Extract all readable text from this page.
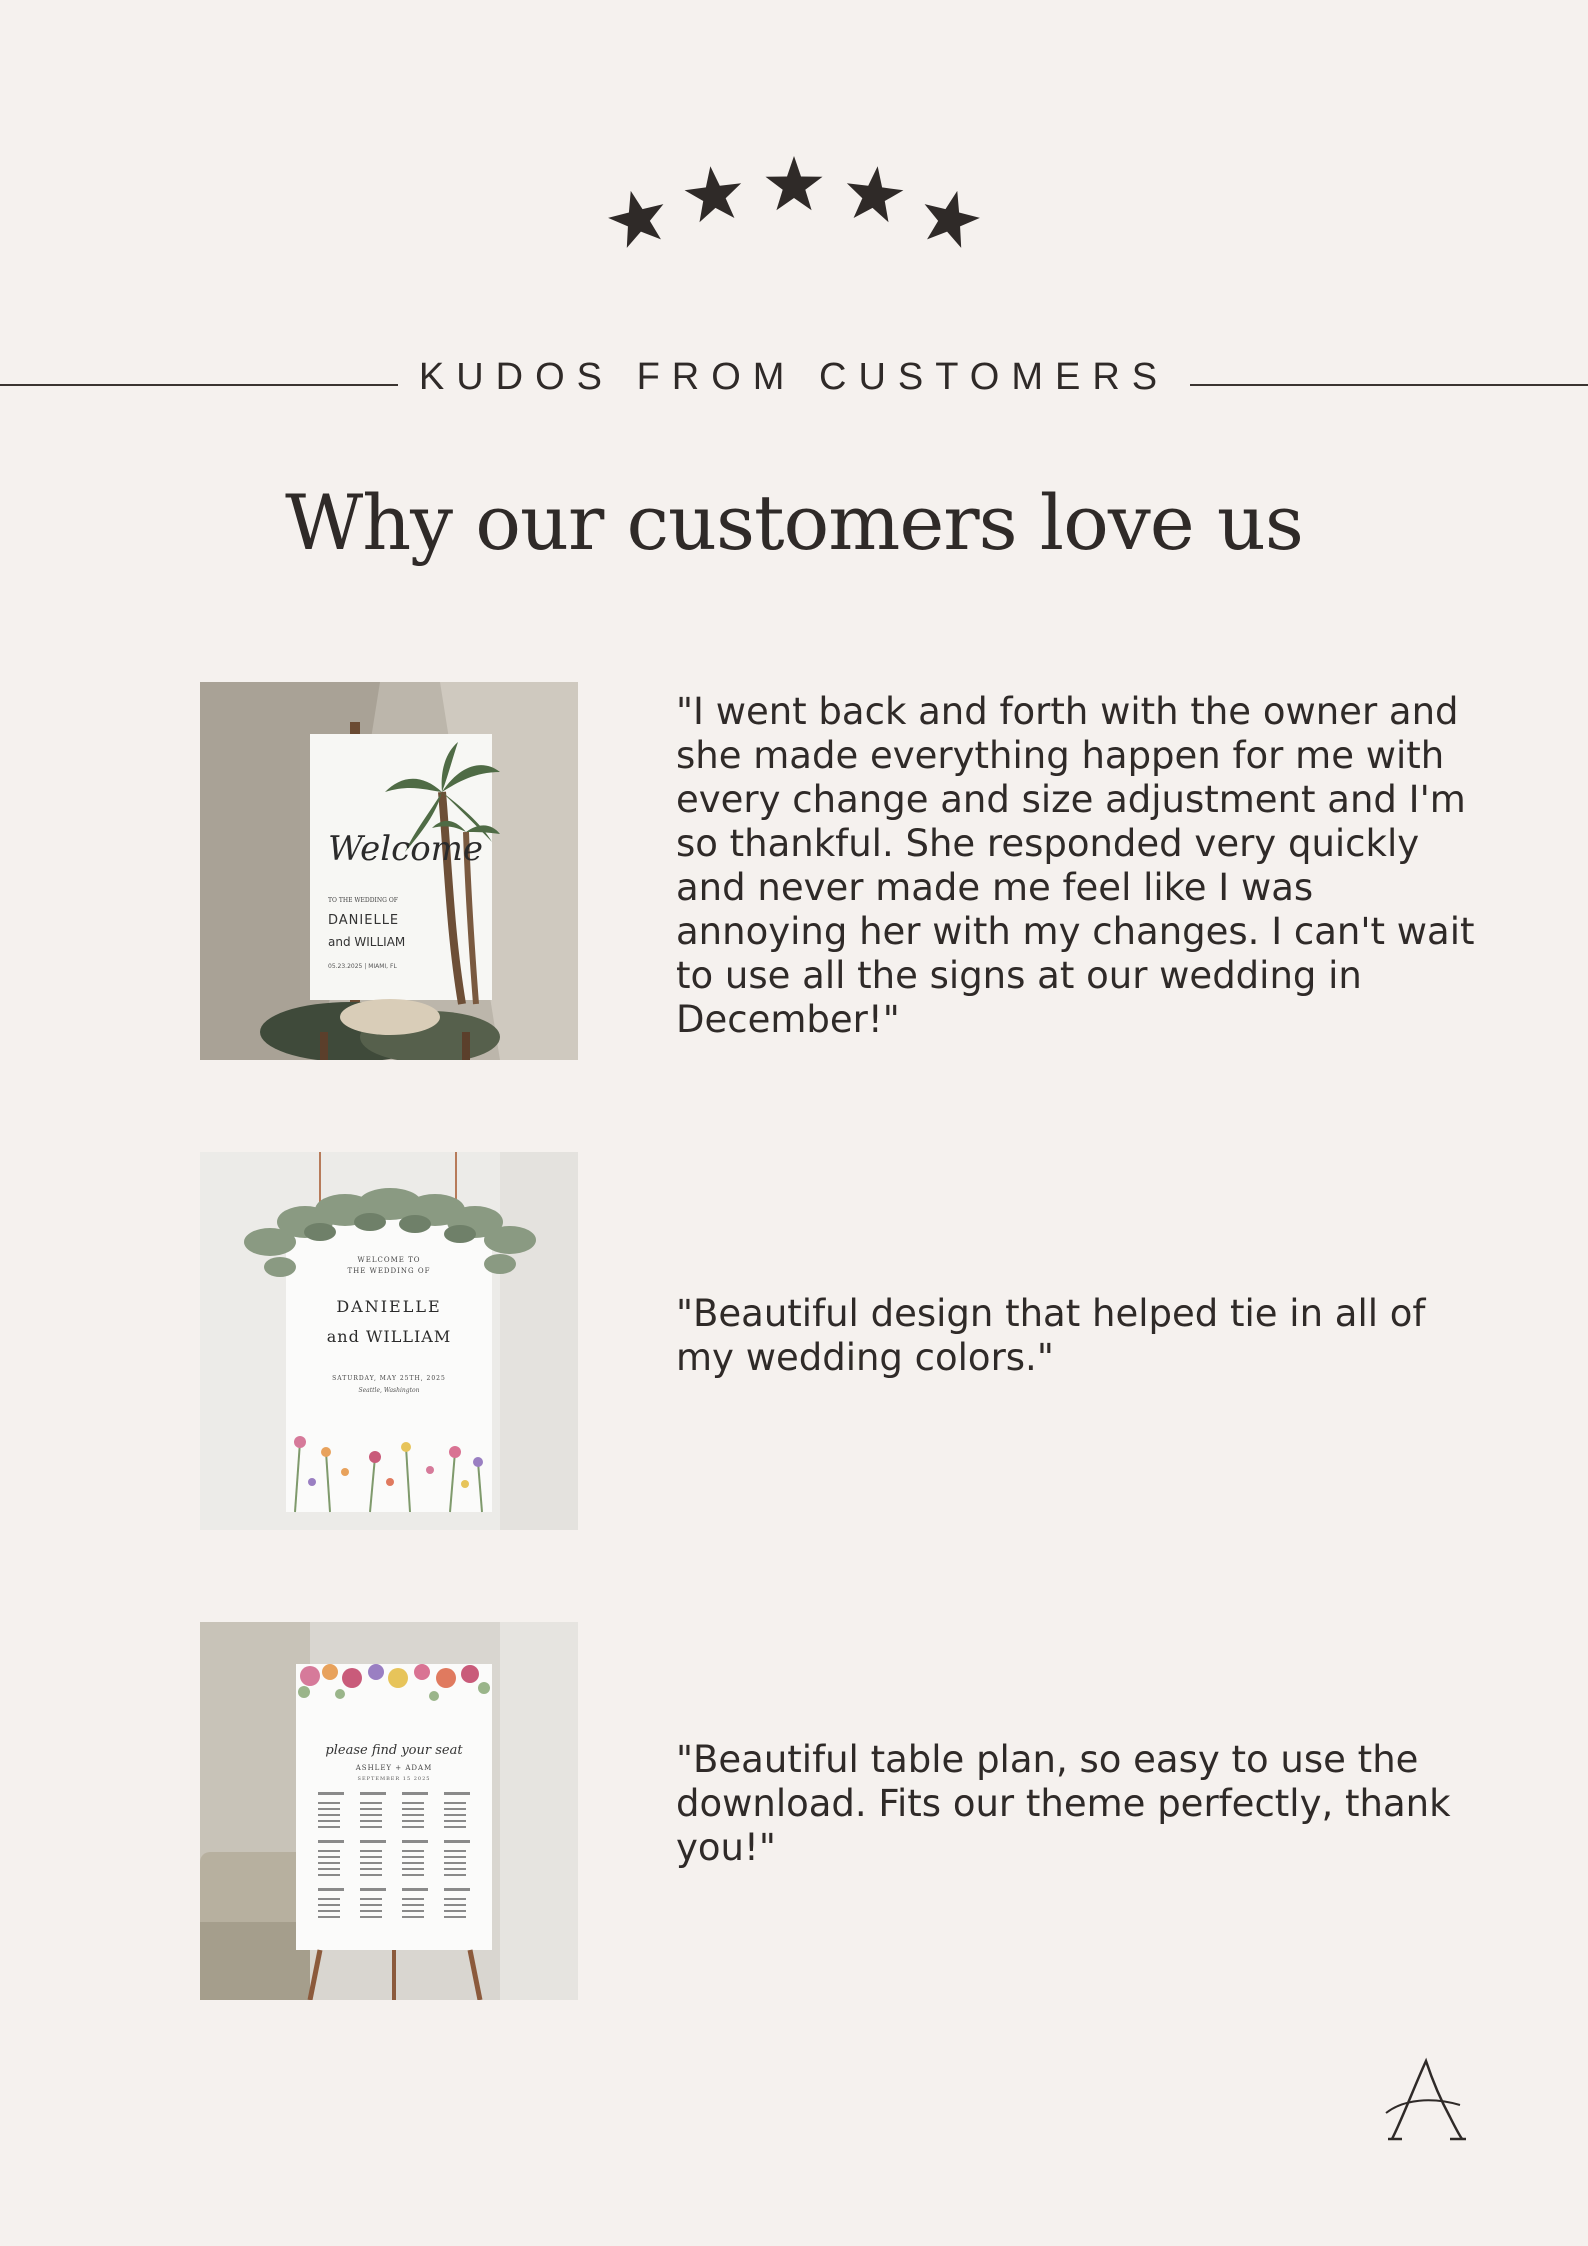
KUDOS FROM CUSTOMERS
Why our customers love us
Welcome
TO THE WEDDING OF
DANIELLE
and WILLIAM
05.23.2025 | MIAMI, FL

"I went back and forth with the owner and she made everything happen for me with every change and size adjustment and I'm so thankful. She responded very quickly and never made me feel like I was annoying her with my changes. I can't wait to use all the signs at our wedding in December!"

WELCOME TO
THE WEDDING OF
DANIELLE
and WILLIAM
SATURDAY, MAY 25TH, 2025
Seattle, Washington

"Beautiful design that helped tie in all of my wedding colors."

please find your seat
ASHLEY + ADAM
SEPTEMBER 15 2025	"Beautiful table plan, so easy to use the download. Fits our theme perfectly, thank you!"
